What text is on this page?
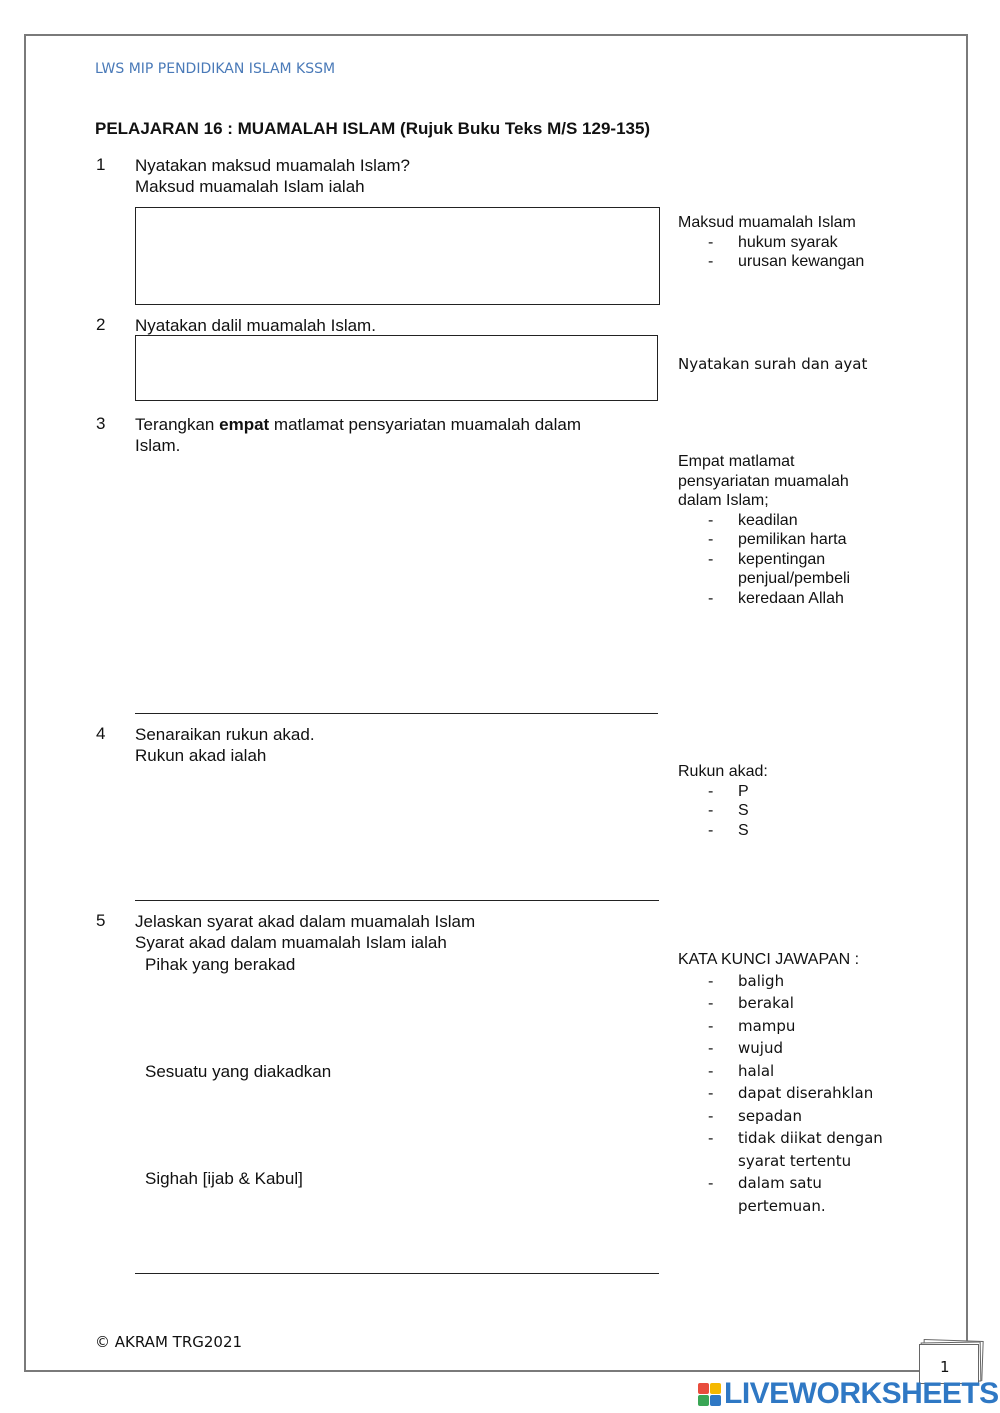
LWS MIP PENDIDIKAN ISLAM KSSM
PELAJARAN 16 : MUAMALAH ISLAM (Rujuk Buku Teks M/S 129-135)
1 Nyatakan maksud muamalah Islam?
Maksud muamalah Islam ialah
Maksud muamalah Islam
- hukum syarak
- urusan kewangan
2 Nyatakan dalil muamalah Islam.
Nyatakan surah dan ayat
3 Terangkan empat matlamat pensyariatan muamalah dalam
Islam.
Empat matlamat
pensyariatan muamalah
dalam Islam;
- keadilan
- pemilikan harta
- kepentingan
penjual/pembeli
- keredaan Allah
4 Senaraikan rukun akad.
Rukun akad ialah
Rukun akad:
- P
- S
- S
5 Jelaskan syarat akad dalam muamalah Islam
Syarat akad dalam muamalah Islam ialah
Pihak yang berakad
Sesuatu yang diakadkan
Sighah [ijab & Kabul]
KATA KUNCI JAWAPAN :
- baligh
- berakal
- mampu
- wujud
- halal
- dapat diserahklan
- sepadan
- tidak diikat dengan
syarat tertentu
- dalam satu
pertemuan.
© AKRAM TRG2021
1
LIVEWORKSHEETS
